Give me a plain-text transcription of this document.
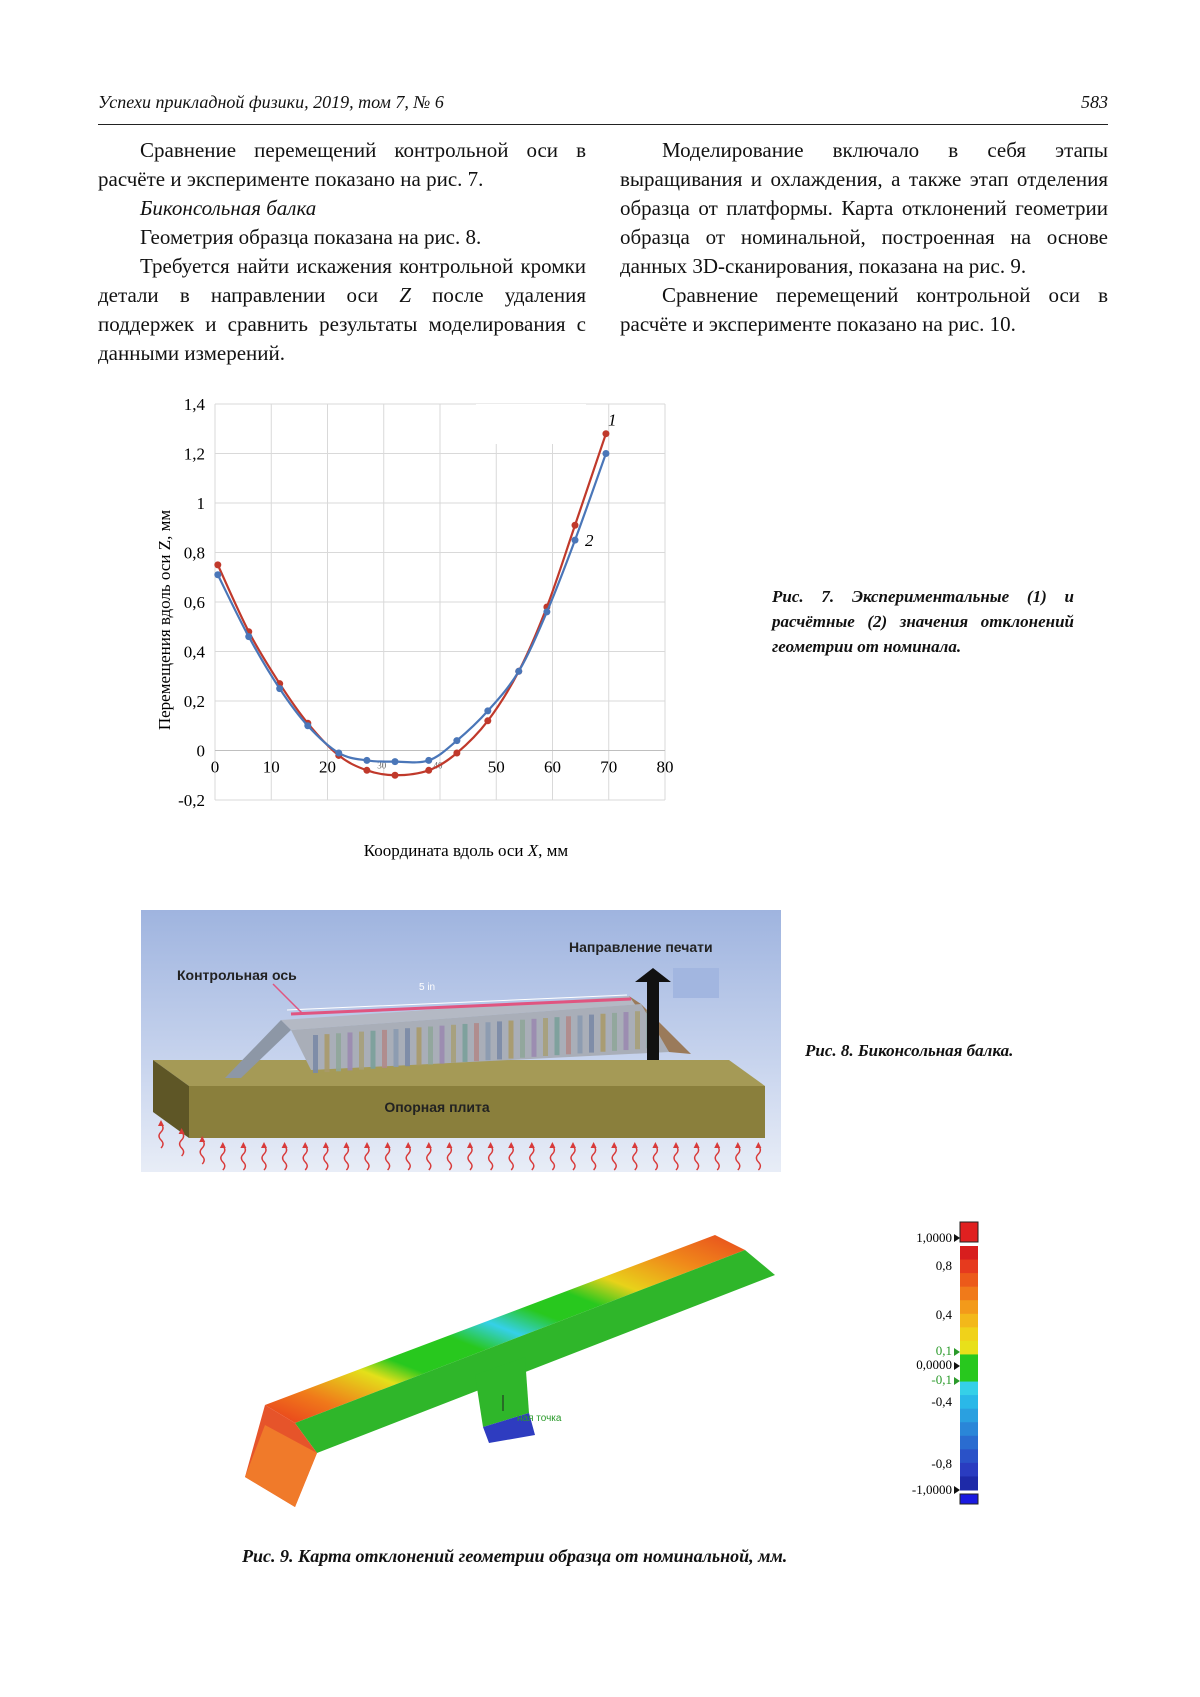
Успехи прикладной физики, 2019, том 7, № 6	583

Сравнение перемещений контрольной оси в расчёте и эксперименте показано на рис. 7.

Биконсольная балка

Геометрия образца показана на рис. 8.

Требуется найти искажения контрольной кромки детали в направлении оси Z после удаления поддержек и сравнить результаты моделирования с данными измерений.

Моделирование включало в себя этапы выращивания и охлаждения, а также этап отделения образца от платформы. Карта отклонений геометрии образца от номинальной, построенная на основе данных 3D-сканирования, показана на рис. 9.

Сравнение перемещений контрольной оси в расчёте и эксперименте показано на рис. 10.

-0,2
0
0,2
0,4
0,6
0,8
1
1,2
1,4
0	10 20	50 60 70 80
30	40
1
2
Перемещения вдоль оси Z, мм
Координата вдоль оси X, мм
Рис. 7. Экспериментальные (1) и расчётные (2) значения отклонений геометрии от номинала.
Контрольная ось
5 in
Направление печати
Опорная плита
Рис. 8. Биконсольная балка.
ная точка
1,0000
0,8
0,4
0,1
0,0000
-0,1
-0,4
-0,8
-1,0000
Рис. 9. Карта отклонений геометрии образца от номинальной, мм.
